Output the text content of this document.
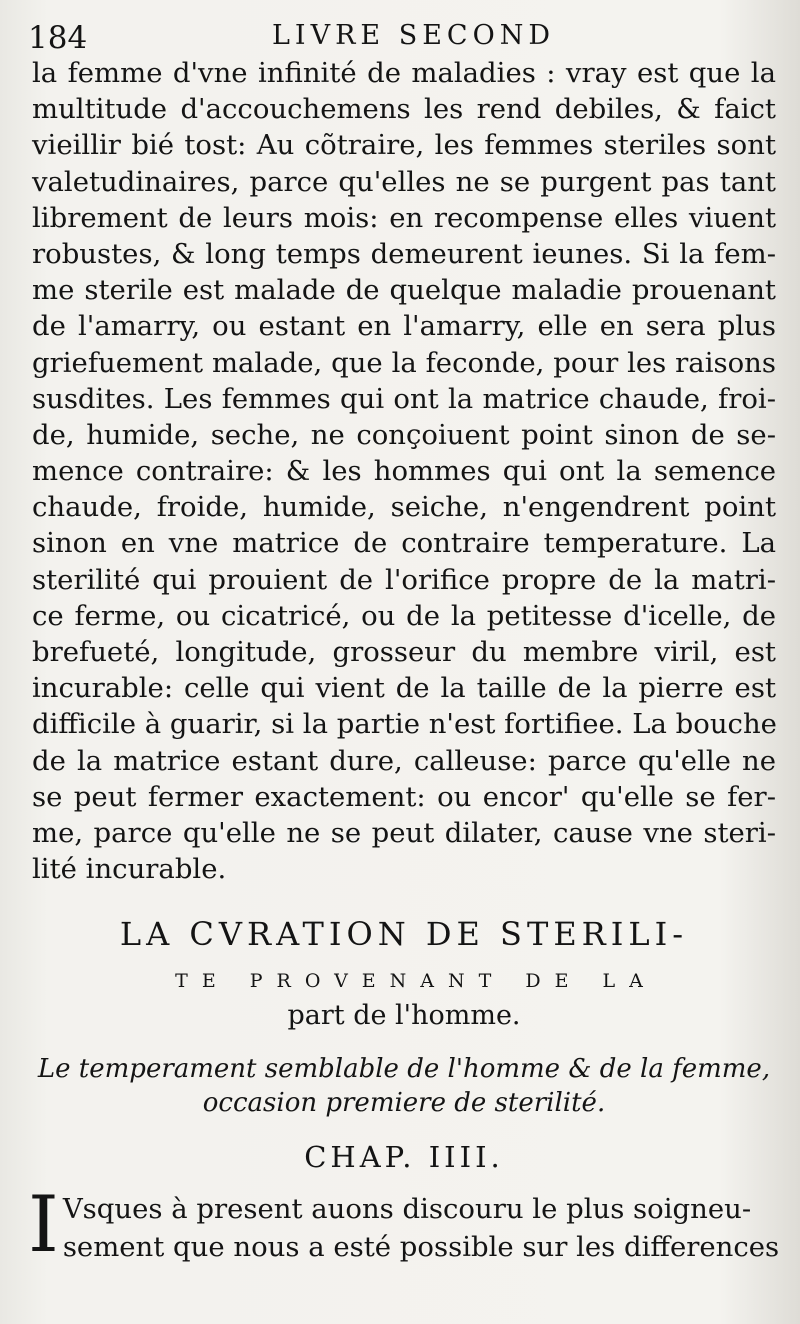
184	LIVRE SECOND
la femme d'vne infinité de maladies : vray est que la
multitude d'accouchemens les rend debiles, & faict
vieillir bié tost: Au cõtraire, les femmes steriles sont
valetudinaires, parce qu'elles ne se purgent pas tant
librement de leurs mois: en recompense elles viuent
robustes, & long temps demeurent ieunes. Si la fem-
me sterile est malade de quelque maladie prouenant
de l'amarry, ou estant en l'amarry, elle en sera plus
griefuement malade, que la feconde, pour les raisons
susdites. Les femmes qui ont la matrice chaude, froi-
de, humide, seche, ne conçoiuent point sinon de se-
mence contraire: & les hommes qui ont la semence
chaude, froide, humide, seiche, n'engendrent point
sinon en vne matrice de contraire temperature. La
sterilité qui prouient de l'orifice propre de la matri-
ce ferme, ou cicatricé, ou de la petitesse d'icelle, de
brefueté, longitude, grosseur du membre viril, est
incurable: celle qui vient de la taille de la pierre est
difficile à guarir, si la partie n'est fortifiee. La bouche
de la matrice estant dure, calleuse: parce qu'elle ne
se peut fermer exactement: ou encor' qu'elle se fer-
me, parce qu'elle ne se peut dilater, cause vne steri-
lité incurable.
LA CVRATION DE STERILI-
TE PROVENANT DE LA
part de l'homme.
Le temperament semblable de l'homme & de la femme,
occasion premiere de sterilité.
CHAP. IIII.
I Vsques à present auons discouru le plus soigneu-
sement que nous a esté possible sur les differences
